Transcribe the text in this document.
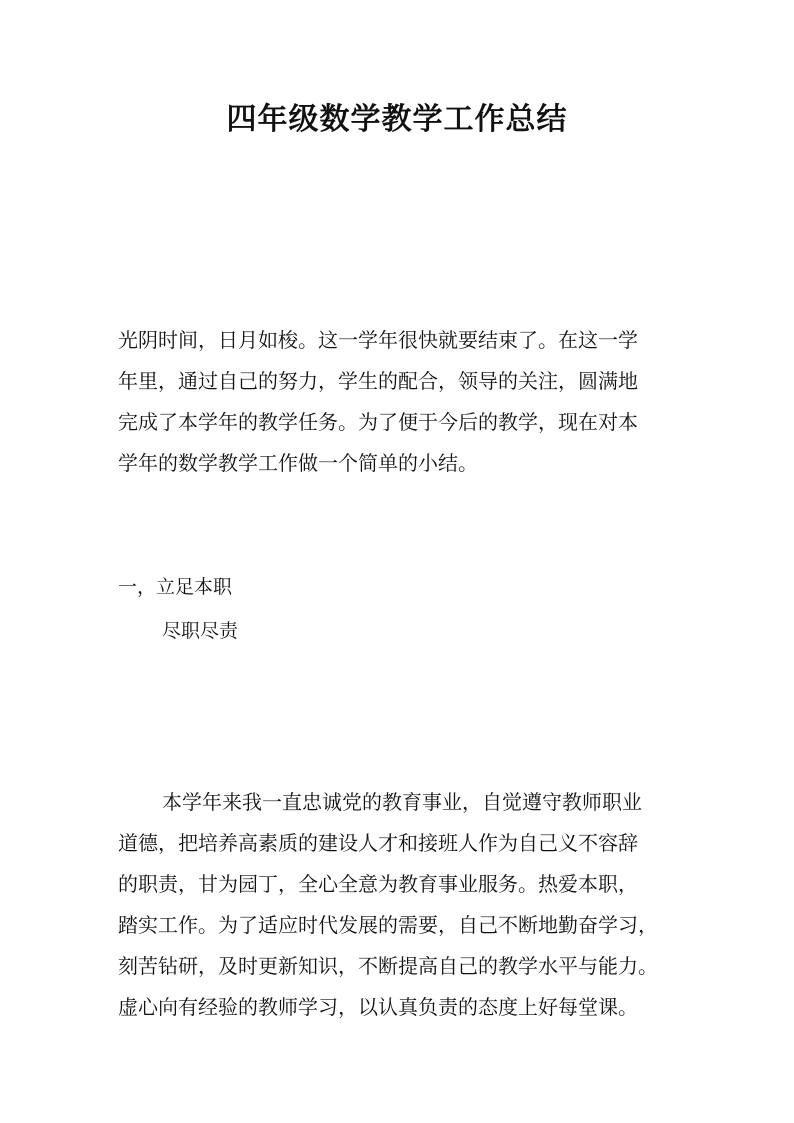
四年级数学教学工作总结
光阴时间，日月如梭。这一学年很快就要结束了。在这一学
年里，通过自己的努力，学生的配合，领导的关注，圆满地
完成了本学年的教学任务。为了便于今后的教学，现在对本
学年的数学教学工作做一个简单的小结。
一，立足本职
尽职尽责
本学年来我一直忠诚党的教育事业，自觉遵守教师职业
道德，把培养高素质的建设人才和接班人作为自己义不容辞
的职责，甘为园丁，全心全意为教育事业服务。热爱本职，
踏实工作。为了适应时代发展的需要，自己不断地勤奋学习，
刻苦钻研，及时更新知识，不断提高自己的教学水平与能力。
虚心向有经验的教师学习，以认真负责的态度上好每堂课。
